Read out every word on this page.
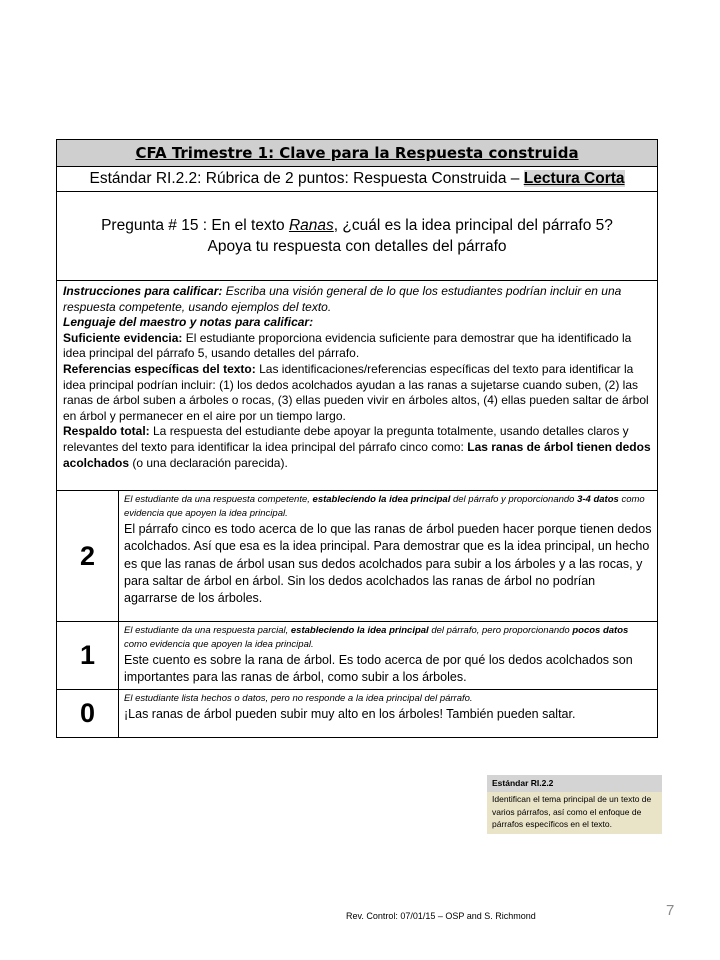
CFA Trimestre 1: Clave para la Respuesta construida	
Estándar RI.2.2: Rúbrica de 2 puntos: Respuesta Construida – Lectura Corta	
Pregunta # 15 : En el texto Ranas, ¿cuál es la idea principal del párrafo 5?
Apoya tu respuesta con detalles del párrafo	
Instrucciones para calificar: Escriba una visión general de lo que los estudiantes podrían incluir en una respuesta competente, usando ejemplos del texto.
Lenguaje del maestro y notas para calificar:
Suficiente evidencia: El estudiante proporciona evidencia suficiente para demostrar que ha identificado la idea principal del párrafo 5, usando detalles del párrafo.
Referencias específicas del texto: Las identificaciones/referencias específicas del texto para identificar la idea principal podrían incluir: (1) los dedos acolchados ayudan a las ranas a sujetarse cuando suben, (2) las ranas de árbol suben a árboles o rocas, (3) ellas pueden vivir en árboles altos, (4) ellas pueden saltar de árbol en árbol y permanecer en el aire por un tiempo largo.
Respaldo total: La respuesta del estudiante debe apoyar la pregunta totalmente, usando detalles claros y relevantes del texto para identificar la idea principal del párrafo cinco como: Las ranas de árbol tienen dedos acolchados (o una declaración parecida).	
2	El estudiante da una respuesta competente, estableciendo la idea principal del párrafo y proporcionando 3-4 datos como evidencia que apoyen la idea principal.
El párrafo cinco es todo acerca de lo que las ranas de árbol pueden hacer porque tienen dedos acolchados. Así que esa es la idea principal. Para demostrar que es la idea principal, un hecho es que las ranas de árbol usan sus dedos acolchados para subir a los árboles y a las rocas, y para saltar de árbol en árbol. Sin los dedos acolchados las ranas de árbol no podrían agarrarse de los árboles.

1	El estudiante da una respuesta parcial, estableciendo la idea principal del párrafo, pero proporcionando pocos datos como evidencia que apoyen la idea principal.
Este cuento es sobre la rana de árbol. Es todo acerca de por qué los dedos acolchados son importantes para las ranas de árbol, como subir a los árboles.

0	El estudiante lista hechos o datos, pero no responde a la idea principal del párrafo.
¡Las ranas de árbol pueden subir muy alto en los árboles! También pueden saltar.
Estándar RI.2.2
Identifican el tema principal de un texto de varios párrafos, así como el enfoque de párrafos específicos en el texto.
Rev. Control: 07/01/15 – OSP and S. Richmond	7
